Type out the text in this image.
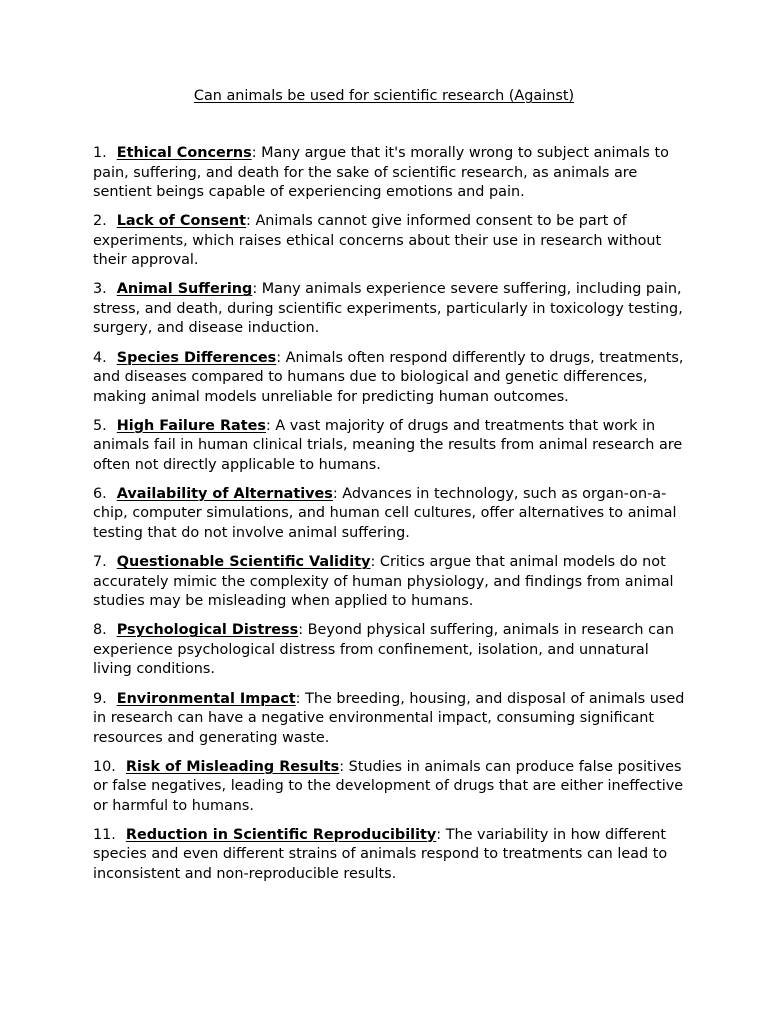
Can animals be used for scientific research (Against)

1. Ethical Concerns: Many argue that it's morally wrong to subject animals to pain, suffering, and death for the sake of scientific research, as animals are sentient beings capable of experiencing emotions and pain.

2. Lack of Consent: Animals cannot give informed consent to be part of experiments, which raises ethical concerns about their use in research without their approval.

3. Animal Suffering: Many animals experience severe suffering, including pain, stress, and death, during scientific experiments, particularly in toxicology testing, surgery, and disease induction.

4. Species Differences: Animals often respond differently to drugs, treatments, and diseases compared to humans due to biological and genetic differences, making animal models unreliable for predicting human outcomes.

5. High Failure Rates: A vast majority of drugs and treatments that work in animals fail in human clinical trials, meaning the results from animal research are often not directly applicable to humans.

6. Availability of Alternatives: Advances in technology, such as organ-on-a-chip, computer simulations, and human cell cultures, offer alternatives to animal testing that do not involve animal suffering.

7. Questionable Scientific Validity: Critics argue that animal models do not accurately mimic the complexity of human physiology, and findings from animal studies may be misleading when applied to humans.

8. Psychological Distress: Beyond physical suffering, animals in research can experience psychological distress from confinement, isolation, and unnatural living conditions.

9. Environmental Impact: The breeding, housing, and disposal of animals used in research can have a negative environmental impact, consuming significant resources and generating waste.

10. Risk of Misleading Results: Studies in animals can produce false positives or false negatives, leading to the development of drugs that are either ineffective or harmful to humans.

11. Reduction in Scientific Reproducibility: The variability in how different species and even different strains of animals respond to treatments can lead to inconsistent and non-reproducible results.
